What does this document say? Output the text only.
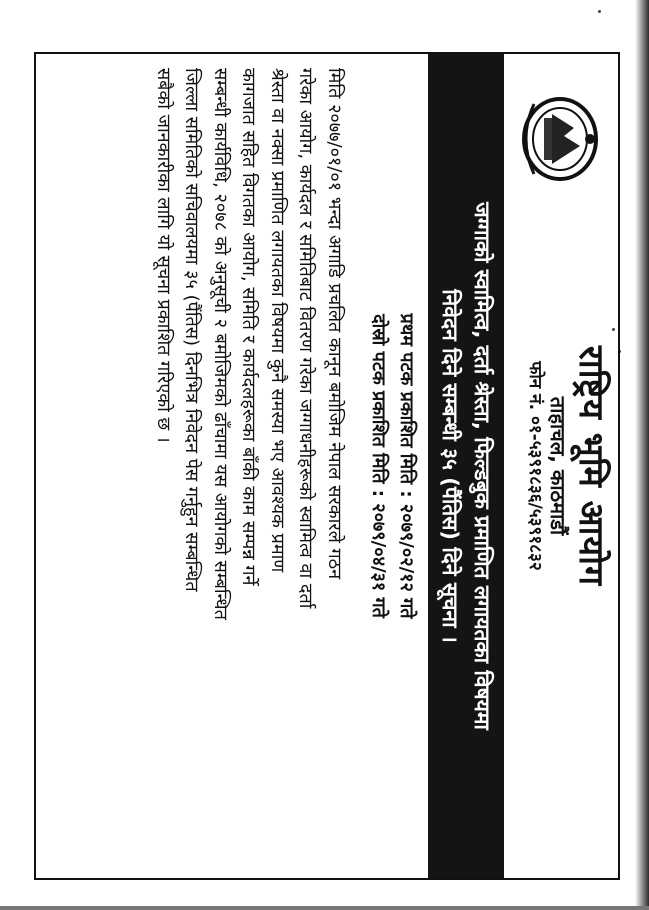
राष्ट्रिय भूमि आयोग
ताहाचल, काठमाडौं
फोन नं. ०१-५३९१८३६/५३९१८३२
जग्गाको स्वामित्व, दर्ता श्रेस्ता, फिल्डबुक प्रमाणित लगायतका विषयमा
निवेदन दिने सम्बन्धी ३५ (पैंतिस) दिने सूचना ।
प्रथम पटक प्रकाशित मिति : २०७९/०२/१२ गते
दोस्रो पटक प्रकाशित मिति : २०७९/०४/३१ गते
मिति २०७७/०१/०१ भन्दा अगाडि प्रचलित कानून बमोजिम नेपाल सरकारले गठन
गरेका आयोग, कार्यदल र समितिबाट वितरण गरेका जग्गाधनीहरूको स्वामित्व वा दर्ता
श्रेस्ता वा नक्सा प्रमाणित लगायतका विषयमा कुनै समस्या भए आवश्यक प्रमाण
कागजात सहित विगतका आयोग, समिति र कार्यदलहरूका बाँकी काम सम्पन्न गर्ने
सम्बन्धी कार्यविधि, २०७८ को अनुसूची २ बमोजिमको ढाँचामा यस आयोगको सम्बन्धित
जिल्ला समितिको सचिवालयमा ३५ (पैंतिस) दिनभित्र निवेदन पेस गर्नुहुन सम्बन्धित
सबैको जानकारीका लागि यो सूचना प्रकाशित गरिएको छ ।
